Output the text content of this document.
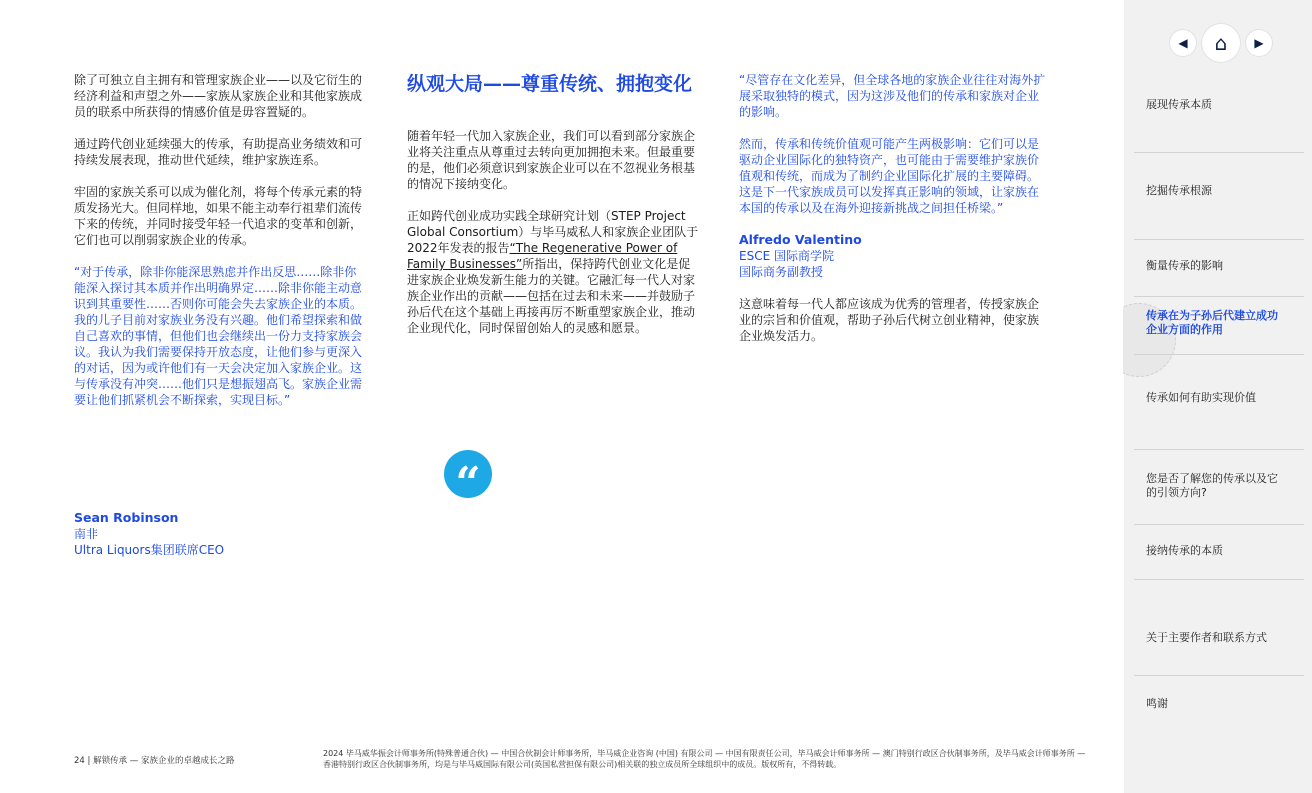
除了可独立自主拥有和管理家族企业——以及它衍生的经济利益和声望之外——家族从家族企业和其他家族成员的联系中所获得的情感价值是毋容置疑的。

通过跨代创业延续强大的传承，有助提高业务绩效和可持续发展表现，推动世代延续，维护家族连系。

牢固的家族关系可以成为催化剂，将每个传承元素的特质发扬光大。但同样地，如果不能主动奉行祖辈们流传下来的传统，并同时接受年轻一代追求的变革和创新，它们也可以削弱家族企业的传承。

“对于传承，除非你能深思熟虑并作出反思……除非你能深入探讨其本质并作出明确界定……除非你能主动意识到其重要性……否则你可能会失去家族企业的本质。我的儿子目前对家族业务没有兴趣。他们希望探索和做自己喜欢的事情，但他们也会继续出一份力支持家族会议。我认为我们需要保持开放态度，让他们参与更深入的对话，因为或许他们有一天会决定加入家族企业。这与传承没有冲突……他们只是想振翅高飞。家族企业需要让他们抓紧机会不断探索，实现目标。”

Sean Robinson
南非
Ultra Liquors集团联席CEO
纵观大局——尊重传统、拥抱变化

随着年轻一代加入家族企业，我们可以看到部分家族企业将关注重点从尊重过去转向更加拥抱未来。但最重要的是，他们必须意识到家族企业可以在不忽视业务根基的情况下接纳变化。

正如跨代创业成功实践全球研究计划（STEP Project Global Consortium）与毕马威私人和家族企业团队于2022年发表的报告“The Regenerative Power of Family Businesses”所指出，保持跨代创业文化是促进家族企业焕发新生能力的关键。它融汇每一代人对家族企业作出的贡献——包括在过去和未来——并鼓励子孙后代在这个基础上再接再厉不断重塑家族企业，推动企业现代化，同时保留创始人的灵感和愿景。

“

“尽管存在文化差异，但全球各地的家族企业往往对海外扩展采取独特的模式，因为这涉及他们的传承和家族对企业的影响。

然而，传承和传统价值观可能产生两极影响：它们可以是驱动企业国际化的独特资产，也可能由于需要维护家族价值观和传统，而成为了制约企业国际化扩展的主要障碍。这是下一代家族成员可以发挥真正影响的领域，让家族在本国的传承以及在海外迎接新挑战之间担任桥梁。”

Alfredo Valentino
ESCE 国际商学院
国际商务副教授

这意味着每一代人都应该成为优秀的管理者，传授家族企业的宗旨和价值观，帮助子孙后代树立创业精神，使家族企业焕发活力。

24 | 解锁传承 — 家族企业的卓越成长之路
2024 毕马威华振会计师事务所(特殊普通合伙) — 中国合伙制会计师事务所，毕马威企业咨询 (中国) 有限公司 — 中国有限责任公司，毕马威会计师事务所 — 澳门特别行政区合伙制事务所，及毕马威会计师事务所 — 香港特别行政区合伙制事务所，均是与毕马威国际有限公司(英国私营担保有限公司)相关联的独立成员所全球组织中的成员。版权所有，不得转载。
◀	⌂	▶
展现传承本质
挖掘传承根源
衡量传承的影响
传承在为子孙后代建立成功企业方面的作用
传承如何有助实现价值
您是否了解您的传承以及它的引领方向?
接纳传承的本质
关于主要作者和联系方式
鸣谢
